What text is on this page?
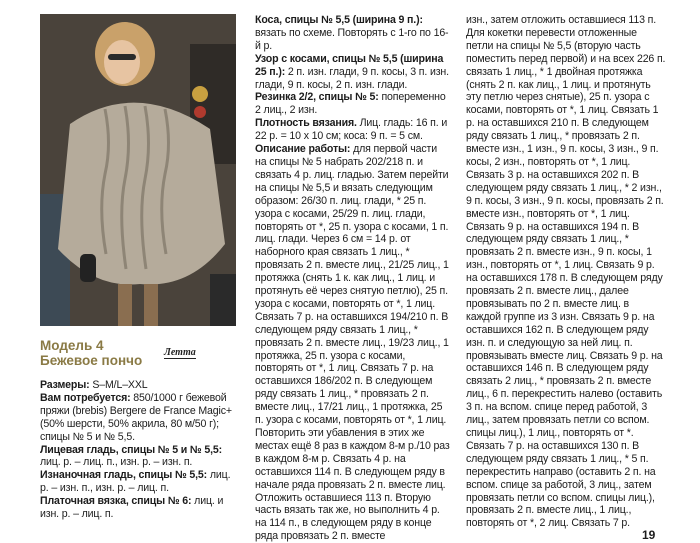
Модель 4
Бежевое пончо
Летта

Размеры: S–M/L–XXL

Вам потребуется: 850/1000 г бежевой пряжи (brebis) Bergere de France Magic+ (50% шерсти, 50% акрила, 80 м/50 г); спицы № 5 и № 5,5.

Лицевая гладь, спицы № 5 и № 5,5: лиц. р. – лиц. п., изн. р. – изн. п.

Изнаночная гладь, спицы № 5,5: лиц. р. – изн. п., изн. р. – лиц. п.

Платочная вязка, спицы № 6: лиц. и изн. р. – лиц. п.

Коса, спицы № 5,5 (ширина 9 п.): вязать по схеме. Повторять с 1-го по 16-й р.

Узор с косами, спицы № 5,5 (ширина 25 п.): 2 п. изн. глади, 9 п. косы, 3 п. изн. глади, 9 п. косы, 2 п. изн. глади.

Резинка 2/2, спицы № 5: попеременно 2 лиц., 2 изн.

Плотность вязания. Лиц. гладь: 16 п. и 22 р. = 10 х 10 см; коса: 9 п. = 5 см.

Описание работы: для первой части на спицы № 5 набрать 202/218 п. и связать 4 р. лиц. гладью. Затем перейти на спицы № 5,5 и вязать следующим образом: 26/30 п. лиц. глади, * 25 п. узора с косами, 25/29 п. лиц. глади, повторять от *, 25 п. узора с косами, 1 п. лиц. глади. Через 6 см = 14 р. от наборного края связать 1 лиц., * провязать 2 п. вместе лиц., 21/25 лиц., 1 протяжка (снять 1 к. как лиц., 1 лиц. и протянуть её через снятую петлю), 25 п. узора с косами, повторять от *, 1 лиц. Связать 7 р. на оставшихся 194/210 п. В следующем ряду связать 1 лиц., * провязать 2 п. вместе лиц., 19/23 лиц., 1 протяжка, 25 п. узора с косами, повторять от *, 1 лиц. Связать 7 р. на оставшихся 186/202 п. В следующем ряду связать 1 лиц., * провязать 2 п. вместе лиц., 17/21 лиц., 1 протяжка, 25 п. узора с косами, повторять от *, 1 лиц. Повторить эти убавления в этих же местах ещё 8 раз в каждом 8-м р./10 раз в каждом 8-м р. Связать 4 р. на оставшихся 114 п. В следующем ряду в начале ряда провязать 2 п. вместе лиц. Отложить оставшиеся 113 п. Вторую часть вязать так же, но выполнить 4 р. на 114 п., в следующем ряду в конце ряда провязать 2 п. вместе

изн., затем отложить оставшиеся 113 п. Для кокетки перевести отложенные петли на спицы № 5,5 (вторую часть поместить перед первой) и на всех 226 п. связать 1 лиц., * 1 двойная протяжка (снять 2 п. как лиц., 1 лиц. и протянуть эту петлю через снятые), 25 п. узора с косами, повторять от *, 1 лиц. Связать 1 р. на оставшихся 210 п. В следующем ряду связать 1 лиц., * провязать 2 п. вместе изн., 1 изн., 9 п. косы, 3 изн., 9 п. косы, 2 изн., повторять от *, 1 лиц. Связать 3 р. на оставшихся 202 п. В следующем ряду связать 1 лиц., * 2 изн., 9 п. косы, 3 изн., 9 п. косы, провязать 2 п. вместе изн., повторять от *, 1 лиц. Связать 9 р. на оставшихся 194 п. В следующем ряду связать 1 лиц., * провязать 2 п. вместе изн., 9 п. косы, 1 изн., повторять от *, 1 лиц. Связать 9 р. на оставшихся 178 п. В следующем ряду провязать 2 п. вместе лиц., далее провязывать по 2 п. вместе лиц. в каждой группе из 3 изн. Связать 9 р. на оставшихся 162 п. В следующем ряду изн. п. и следующую за ней лиц. п. провязывать вместе лиц. Связать 9 р. на оставшихся 146 п. В следующем ряду связать 2 лиц., * провязать 2 п. вместе лиц., 6 п. перекрестить налево (оставить 3 п. на вспом. спице перед работой, 3 лиц., затем провязать петли со вспом. спицы лиц.), 1 лиц., повторять от *. Связать 7 р. на оставшихся 130 п. В следующем ряду связать 1 лиц., * 5 п. перекрестить направо (оставить 2 п. на вспом. спице за работой, 3 лиц., затем провязать петли со вспом. спицы лиц.), провязать 2 п. вместе лиц., 1 лиц., повторять от *, 2 лиц. Связать 7 р.

19
